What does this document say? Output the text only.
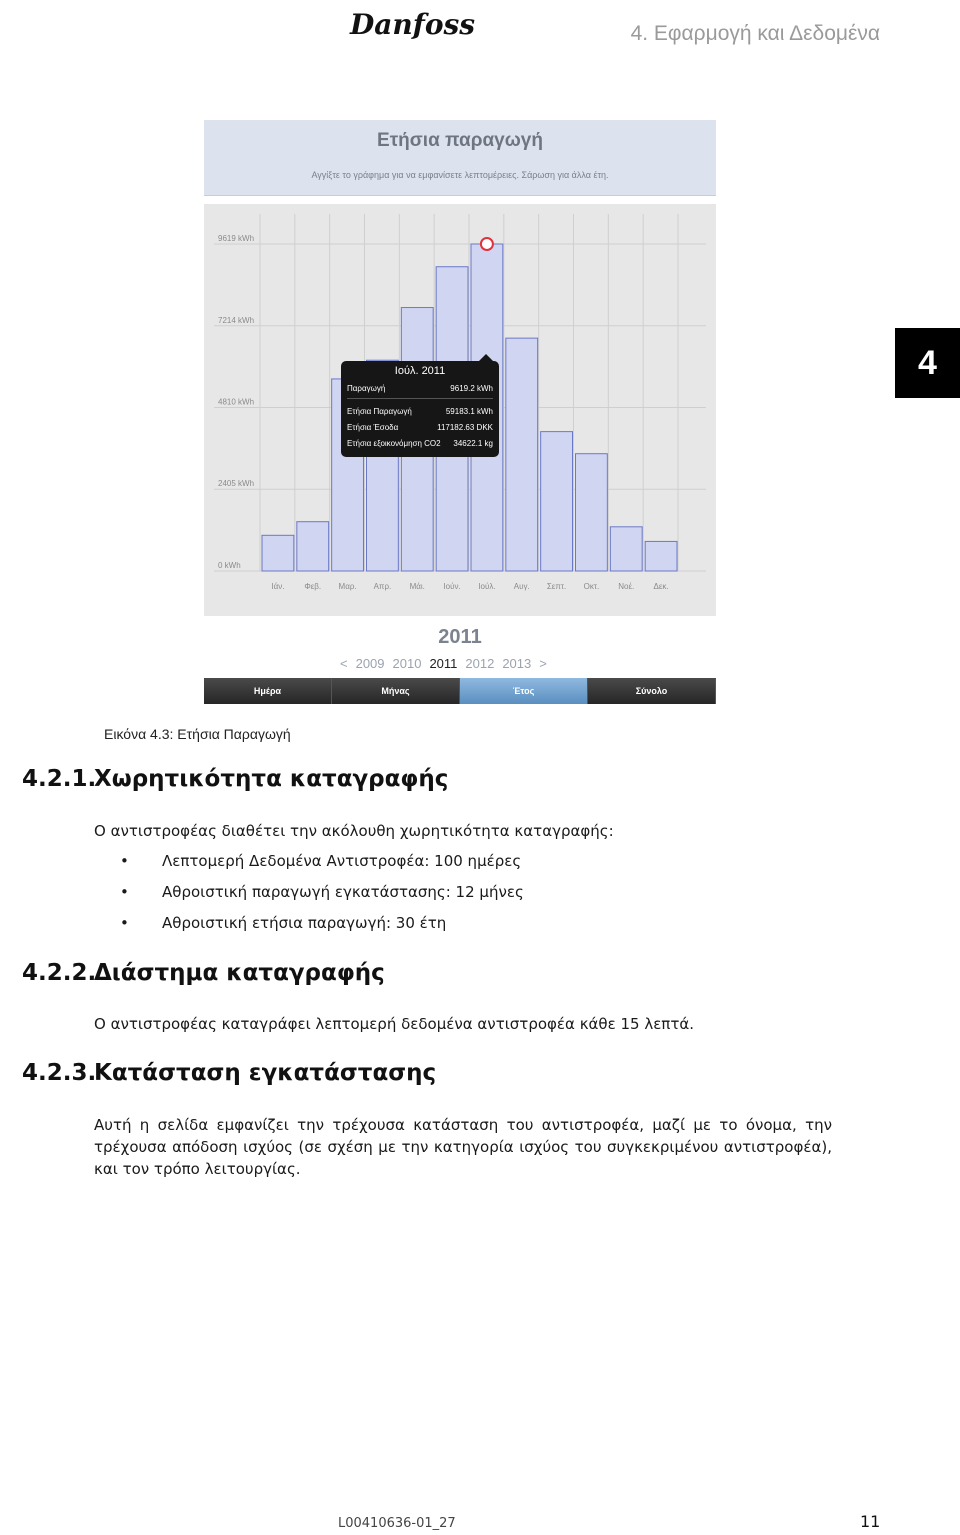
Danfoss	4. Εφαρμογή και Δεδομένα
4
Ετήσια παραγωγή
Αγγίξτε το γράφημα για να εμφανίσετε λεπτομέρειες. Σάρωση για άλλα έτη.
9619 kWh
7214 kWh
4810 kWh
2405 kWh
0 kWh
Ιάν. Φεβ. Μαρ. Απρ. Μάι. Ιούν. Ιούλ. Αυγ. Σεπτ. Οκτ. Νοέ. Δεκ.
Ιούλ. 2011
Παραγωγή	9619.2 kWh
Ετήσια Παραγωγή	59183.1 kWh
Ετήσια Έσοδα	117182.63 DKK
Ετήσια εξοικονόμηση CO2 34622.1 kg
2011
< 2009 2010 2011 2012 2013 >
Ημέρα	Μήνας	Έτος	Σύνολο
Εικόνα 4.3: Ετήσια Παραγωγή
4.2.1.Χωρητικότητα καταγραφής
Ο αντιστροφέας διαθέτει την ακόλουθη χωρητικότητα καταγραφής:
• Λεπτομερή Δεδομένα Αντιστροφέα: 100 ημέρες
• Αθροιστική παραγωγή εγκατάστασης: 12 μήνες
• Αθροιστική ετήσια παραγωγή: 30 έτη
4.2.2.Διάστημα καταγραφής
Ο αντιστροφέας καταγράφει λεπτομερή δεδομένα αντιστροφέα κάθε 15 λεπτά.
4.2.3.Κατάσταση εγκατάστασης
Αυτή η σελίδα εμφανίζει την τρέχουσα κατάσταση του αντιστροφέα, μαζί με το όνομα, την τρέχουσα απόδοση ισχύος (σε σχέση με την κατηγορία ισχύος του συγκεκριμένου αντιστροφέα), και τον τρόπο λειτουργίας.
L00410636-01_27	11
